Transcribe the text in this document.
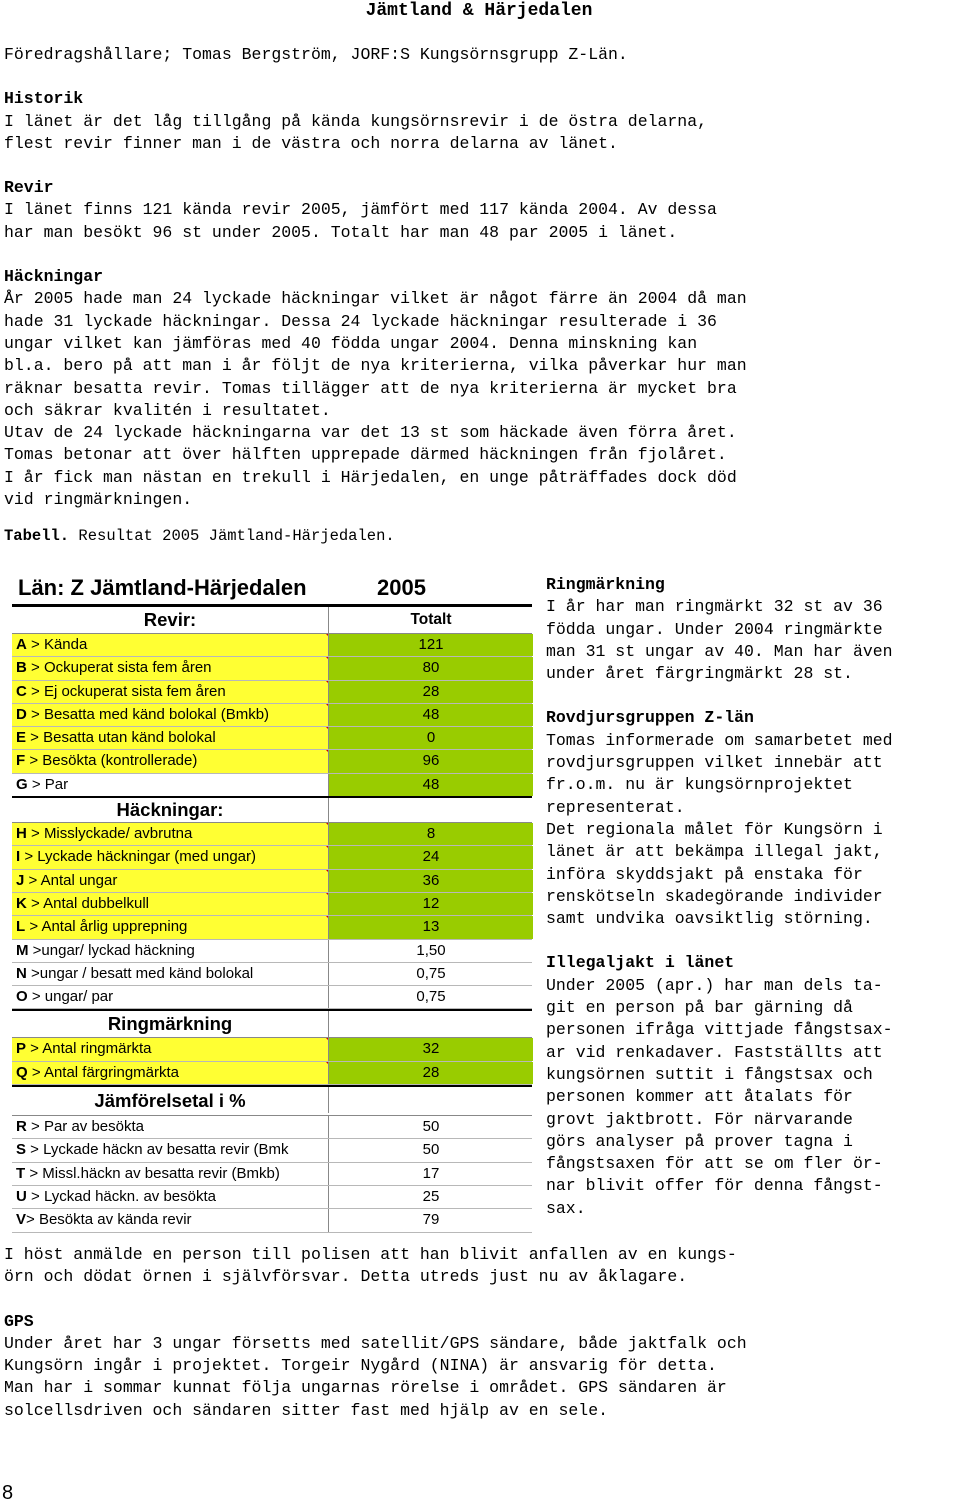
Jämtland & Härjedalen

Föredragshållare; Tomas Bergström, JORF:S Kungsörnsgrupp Z-Län.

Historik

I länet är det låg tillgång på kända kungsörnsrevir i de östra delarna,

flest revir finner man i de västra och norra delarna av länet.

Revir

I länet finns 121 kända revir 2005, jämfört med 117 kända 2004. Av dessa

har man besökt 96 st under 2005. Totalt har man 48 par 2005 i länet.

Häckningar

År 2005 hade man 24 lyckade häckningar vilket är något färre än 2004 då man

hade 31 lyckade häckningar. Dessa 24 lyckade häckningar resulterade i 36

ungar vilket kan jämföras med 40 födda ungar 2004. Denna minskning kan

bl.a. bero på att man i år följt de nya kriterierna, vilka påverkar hur man

räknar besatta revir. Tomas tillägger att de nya kriterierna är mycket bra

och säkrar kvalitén i resultatet.

Utav de 24 lyckade häckningarna var det 13 st som häckade även förra året.

Tomas betonar att över hälften upprepade därmed häckningen från fjolåret.

I år fick man nästan en trekull i Härjedalen, en unge påträffades dock död

vid ringmärkningen.

Tabell. Resultat 2005 Jämtland-Härjedalen.

Län: Z Jämtland-Härjedalen	2005
Revir:	Totalt
A > Kända	121
B > Ockuperat sista fem åren	80
C > Ej ockuperat sista fem åren	28
D > Besatta med känd bolokal (Bmkb)	48
E > Besatta utan känd bolokal	0
F > Besökta (kontrollerade)	96
G > Par	48
Häckningar:
H > Misslyckade/ avbrutna	8
I > Lyckade häckningar (med ungar)	24
J > Antal ungar	36
K > Antal dubbelkull	12
L > Antal årlig upprepning	13
M >ungar/ lyckad häckning	1,50
N >ungar / besatt med känd bolokal	0,75
O > ungar/ par	0,75
Ringmärkning
P > Antal ringmärkta	32
Q > Antal färgringmärkta	28
Jämförelsetal i %
R > Par av besökta	50
S > Lyckade häckn av besatta revir (Bmk	50
T > Missl.häckn av besatta revir (Bmkb)	17
U > Lyckad häckn. av besökta	25
V> Besökta av kända revir	79

Ringmärkning

I år har man ringmärkt 32 st av 36

födda ungar. Under 2004 ringmärkte

man 31 st ungar av 40. Man har även

under året färgringmärkt 28 st.

Rovdjursgruppen Z-län

Tomas informerade om samarbetet med

rovdjursgruppen vilket innebär att

fr.o.m. nu är kungsörnprojektet

representerat.

Det regionala målet för Kungsörn i

länet är att bekämpa illegal jakt,

införa skyddsjakt på enstaka för

renskötseln skadegörande individer

samt undvika oavsiktlig störning.

Illegaljakt i länet

Under 2005 (apr.) har man dels ta-

git en person på bar gärning då

personen ifråga vittjade fångstsax-

ar vid renkadaver. Fastställts att

kungsörnen suttit i fångstsax och

personen kommer att åtalats för

grovt jaktbrott. För närvarande

görs analyser på prover tagna i

fångstsaxen för att se om fler ör-

nar blivit offer för denna fångst-

sax.

I höst anmälde en person till polisen att han blivit anfallen av en kungs-

örn och dödat örnen i självförsvar. Detta utreds just nu av åklagare.

GPS

Under året har 3 ungar försetts med satellit/GPS sändare, både jaktfalk och

Kungsörn ingår i projektet. Torgeir Nygård (NINA) är ansvarig för detta.

Man har i sommar kunnat följa ungarnas rörelse i området. GPS sändaren är

solcellsdriven och sändaren sitter fast med hjälp av en sele.

8
